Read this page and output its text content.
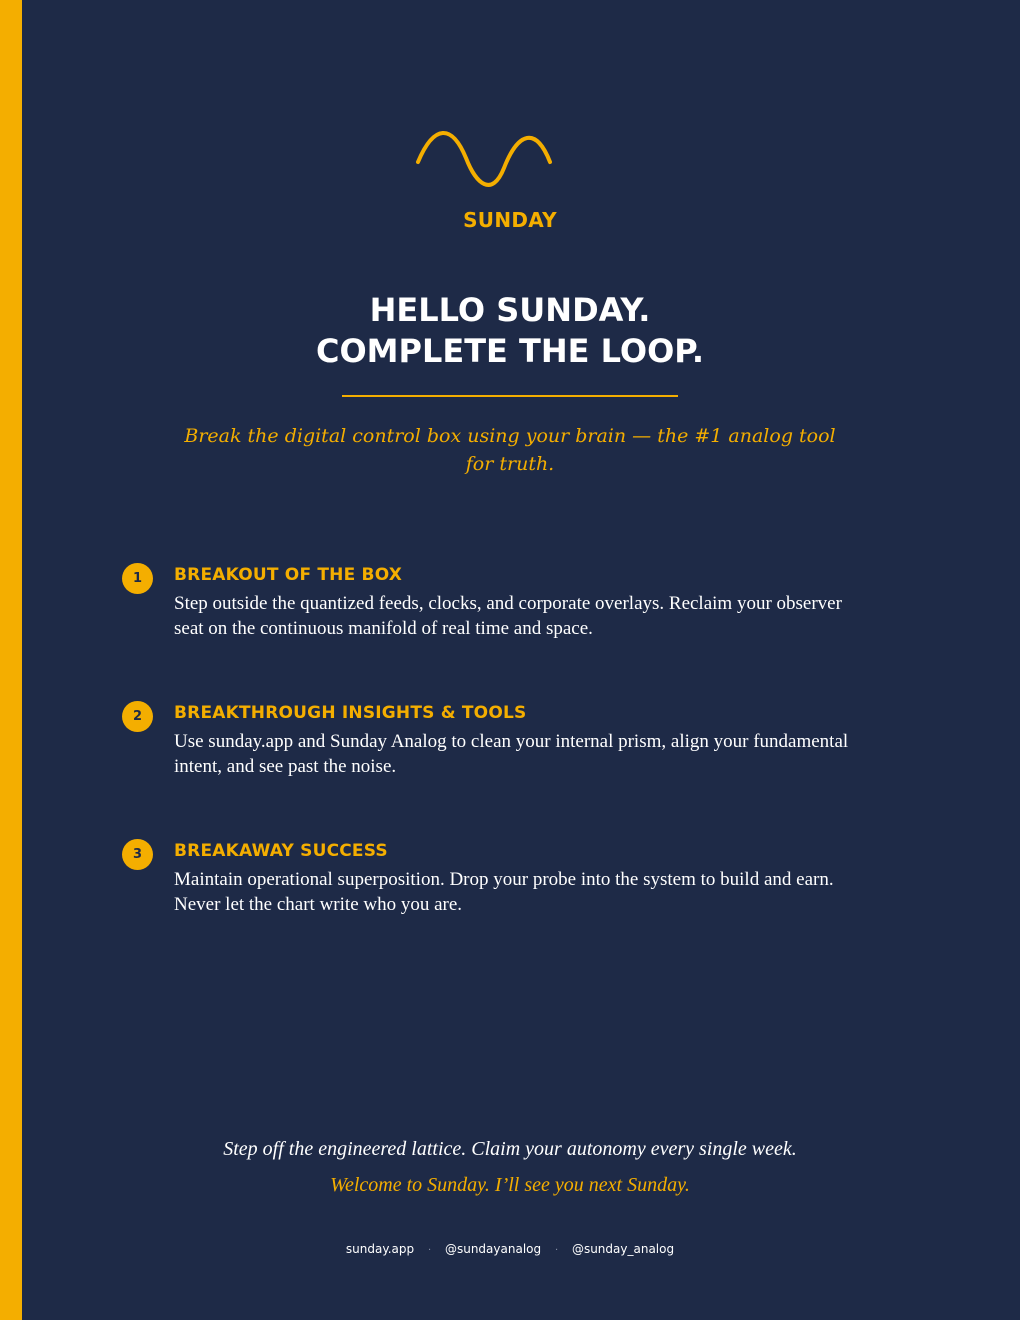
SUNDAY
HELLO SUNDAY.
COMPLETE THE LOOP.
Break the digital control box using your brain — the #1 analog tool for truth.
1	BREAKOUT OF THE BOX
Step outside the quantized feeds, clocks, and corporate overlays. Reclaim your observer seat on the continuous manifold of real time and space.
2	BREAKTHROUGH INSIGHTS & TOOLS
Use sunday.app and Sunday Analog to clean your internal prism, align your fundamental intent, and see past the noise.
3	BREAKAWAY SUCCESS
Maintain operational superposition. Drop your probe into the system to build and earn. Never let the chart write who you are.
Step off the engineered lattice. Claim your autonomy every single week.
Welcome to Sunday. I’ll see you next Sunday.
sunday.app · @sundayanalog · @sunday_analog
